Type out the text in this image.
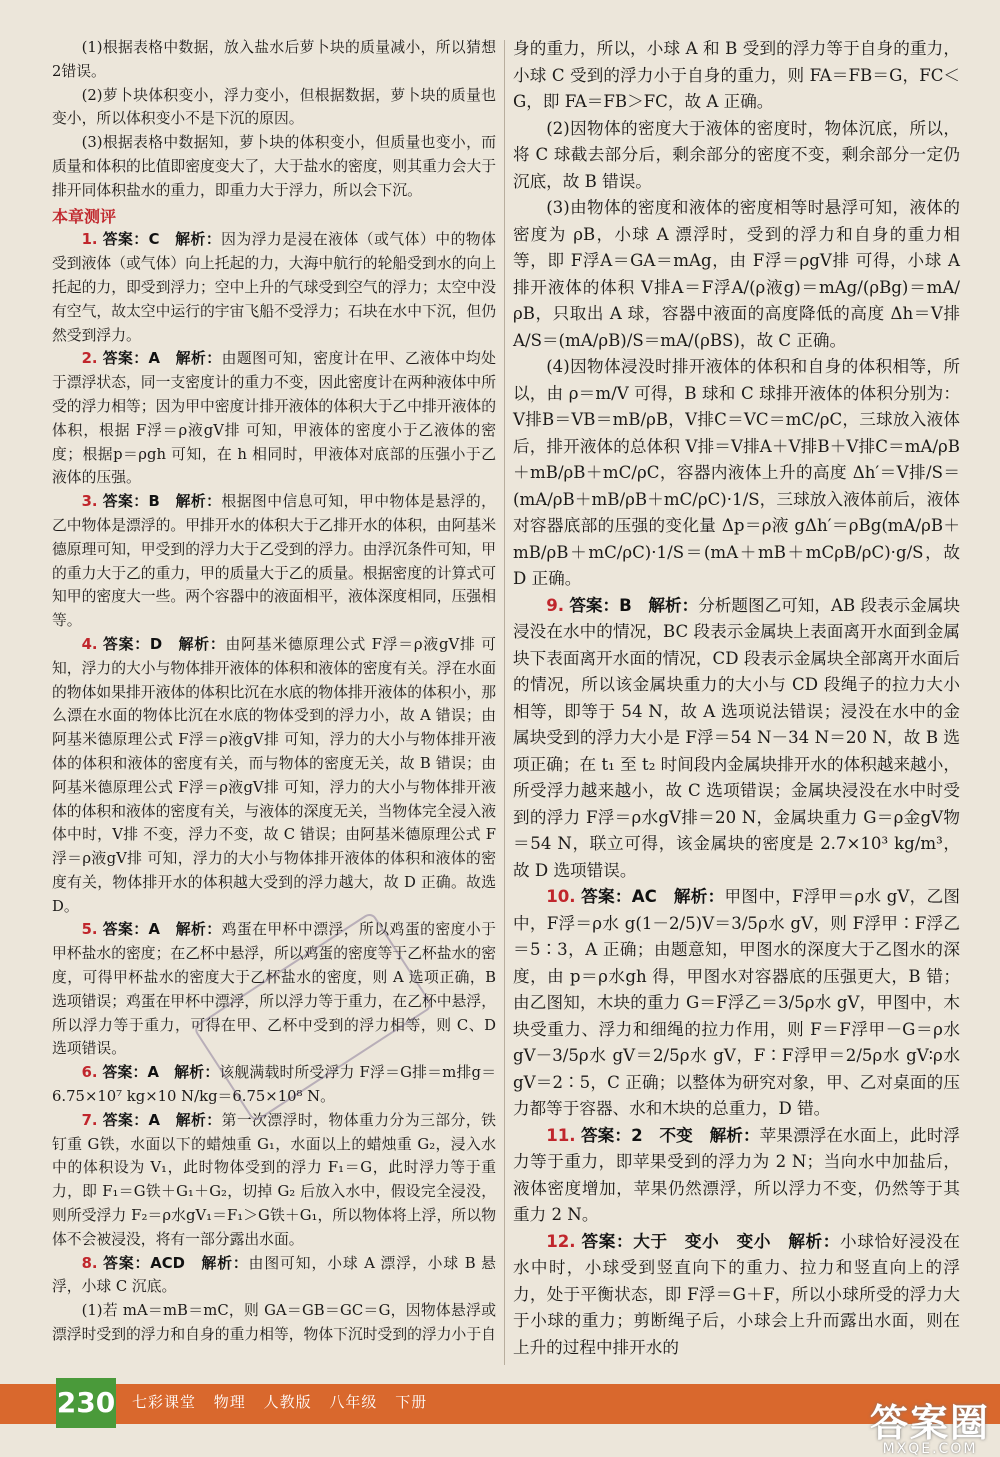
(1)根据表格中数据，放入盐水后萝卜块的质量减小，所以猜想2错误。

(2)萝卜块体积变小，浮力变小，但根据数据，萝卜块的质量也变小，所以体积变小不是下沉的原因。

(3)根据表格中数据知，萝卜块的体积变小，但质量也变小，而质量和体积的比值即密度变大了，大于盐水的密度，则其重力会大于排开同体积盐水的重力，即重力大于浮力，所以会下沉。

本章测评

1. 答案：C　 解析：因为浮力是浸在液体（或气体）中的物体受到液体（或气体）向上托起的力，大海中航行的轮船受到水的向上托起的力，即受到浮力；空中上升的气球受到空气的浮力；太空中没有空气，故太空中运行的宇宙飞船不受浮力；石块在水中下沉，但仍然受到浮力。

2. 答案：A　 解析：由题图可知，密度计在甲、乙液体中均处于漂浮状态，同一支密度计的重力不变，因此密度计在两种液体中所受的浮力相等；因为甲中密度计排开液体的体积大于乙中排开液体的体积，根据 F浮＝ρ液gV排 可知，甲液体的密度小于乙液体的密度；根据p＝ρgh 可知，在 h 相同时，甲液体对底部的压强小于乙液体的压强。

3. 答案：B　 解析：根据图中信息可知，甲中物体是悬浮的，乙中物体是漂浮的。甲排开水的体积大于乙排开水的体积，由阿基米德原理可知，甲受到的浮力大于乙受到的浮力。由浮沉条件可知，甲的重力大于乙的重力，甲的质量大于乙的质量。根据密度的计算式可知甲的密度大一些。两个容器中的液面相平，液体深度相同，压强相等。

4. 答案：D　 解析：由阿基米德原理公式 F浮＝ρ液gV排 可知，浮力的大小与物体排开液体的体积和液体的密度有关。浮在水面的物体如果排开液体的体积比沉在水底的物体排开液体的体积小，那么漂在水面的物体比沉在水底的物体受到的浮力小，故 A 错误；由阿基米德原理公式 F浮＝ρ液gV排 可知，浮力的大小与物体排开液体的体积和液体的密度有关，而与物体的密度无关，故 B 错误；由阿基米德原理公式 F浮＝ρ液gV排 可知，浮力的大小与物体排开液体的体积和液体的密度有关，与液体的深度无关，当物体完全浸入液体中时，V排 不变，浮力不变，故 C 错误；由阿基米德原理公式 F浮＝ρ液gV排 可知，浮力的大小与物体排开液体的体积和液体的密度有关，物体排开水的体积越大受到的浮力越大，故 D 正确。故选 D。

5. 答案：A　 解析：鸡蛋在甲杯中漂浮，所以鸡蛋的密度小于甲杯盐水的密度；在乙杯中悬浮，所以鸡蛋的密度等于乙杯盐水的密度，可得甲杯盐水的密度大于乙杯盐水的密度，则 A 选项正确，B 选项错误；鸡蛋在甲杯中漂浮，所以浮力等于重力，在乙杯中悬浮，所以浮力等于重力，可得在甲、乙杯中受到的浮力相等，则 C、D 选项错误。

6. 答案：A　 解析：该舰满载时所受浮力 F浮＝G排＝m排g＝6.75×10⁷ kg×10 N/kg＝6.75×10⁸ N。

7. 答案：A　 解析：第一次漂浮时，物体重力分为三部分，铁钉重 G铁，水面以下的蜡烛重 G₁，水面以上的蜡烛重 G₂，浸入水中的体积设为 V₁，此时物体受到的浮力 F₁＝G，此时浮力等于重力，即 F₁＝G铁＋G₁＋G₂，切掉 G₂ 后放入水中，假设完全浸没，则所受浮力 F₂＝ρ水gV₁＝F₁＞G铁＋G₁，所以物体将上浮，所以物体不会被浸没，将有一部分露出水面。

8. 答案：ACD　 解析：由图可知，小球 A 漂浮，小球 B 悬浮，小球 C 沉底。

(1)若 mA＝mB＝mC，则 GA＝GB＝GC＝G，因物体悬浮或漂浮时受到的浮力和自身的重力相等，物体下沉时受到的浮力小于自

身的重力，所以，小球 A 和 B 受到的浮力等于自身的重力，小球 C 受到的浮力小于自身的重力，则 FA＝FB＝G，FC＜G，即 FA＝FB＞FC，故 A 正确。

(2)因物体的密度大于液体的密度时，物体沉底，所以，将 C 球截去部分后，剩余部分的密度不变，剩余部分一定仍沉底，故 B 错误。

(3)由物体的密度和液体的密度相等时悬浮可知，液体的密度为 ρB，小球 A 漂浮时，受到的浮力和自身的重力相等，即 F浮A＝GA＝mAg，由 F浮＝ρgV排 可得，小球 A 排开液体的体积 V排A＝F浮A/(ρ液g)＝mAg/(ρBg)＝mA/ρB，只取出 A 球，容器中液面的高度降低的高度 Δh＝V排A/S＝(mA/ρB)/S＝mA/(ρBS)，故 C 正确。

(4)因物体浸没时排开液体的体积和自身的体积相等，所以，由 ρ＝m/V 可得，B 球和 C 球排开液体的体积分别为：V排B＝VB＝mB/ρB，V排C＝VC＝mC/ρC，三球放入液体后，排开液体的总体积 V排＝V排A＋V排B＋V排C＝mA/ρB＋mB/ρB＋mC/ρC，容器内液体上升的高度 Δh′＝V排/S＝(mA/ρB＋mB/ρB＋mC/ρC)·1/S，三球放入液体前后，液体对容器底部的压强的变化量 Δp＝ρ液 gΔh′＝ρBg(mA/ρB＋mB/ρB＋mC/ρC)·1/S＝(mA＋mB＋mCρB/ρC)·g/S，故 D 正确。

9. 答案：B　 解析：分析题图乙可知，AB 段表示金属块浸没在水中的情况，BC 段表示金属块上表面离开水面到金属块下表面离开水面的情况，CD 段表示金属块全部离开水面后的情况，所以该金属块重力的大小与 CD 段绳子的拉力大小相等，即等于 54 N，故 A 选项说法错误；浸没在水中的金属块受到的浮力大小是 F浮＝54 N－34 N＝20 N，故 B 选项正确；在 t₁ 至 t₂ 时间段内金属块排开水的体积越来越小，所受浮力越来越小，故 C 选项错误；金属块浸没在水中时受到的浮力 F浮＝ρ水gV排＝20 N，金属块重力 G＝ρ金gV物＝54 N，联立可得，该金属块的密度是 2.7×10³ kg/m³，故 D 选项错误。

10. 答案：AC　 解析：甲图中，F浮甲＝ρ水 gV，乙图中，F浮＝ρ水 g(1－2/5)V＝3/5ρ水 gV，则 F浮甲∶F浮乙＝5∶3，A 正确；由题意知，甲图水的深度大于乙图水的深度，由 p＝ρ水gh 得，甲图水对容器底的压强更大，B 错；由乙图知，木块的重力 G＝F浮乙＝3/5ρ水 gV，甲图中，木块受重力、浮力和细绳的拉力作用，则 F＝F浮甲－G＝ρ水 gV－3/5ρ水 gV＝2/5ρ水 gV，F∶F浮甲＝2/5ρ水 gV∶ρ水 gV＝2∶5，C 正确；以整体为研究对象，甲、乙对桌面的压力都等于容器、水和木块的总重力，D 错。

11. 答案：2　不变　 解析：苹果漂浮在水面上，此时浮力等于重力，即苹果受到的浮力为 2 N；当向水中加盐后，液体密度增加，苹果仍然漂浮，所以浮力不变，仍然等于其重力 2 N。

12. 答案：大于　变小　变小　 解析：小球恰好浸没在水中时，小球受到竖直向下的重力、拉力和竖直向上的浮力，处于平衡状态，即 F浮＝G＋F，所以小球所受的浮力大于小球的重力；剪断绳子后，小球会上升而露出水面，则在上升的过程中排开水的

230 七彩课堂 物理 人教版 八年级 下册	答案圈
MXQE.COM
